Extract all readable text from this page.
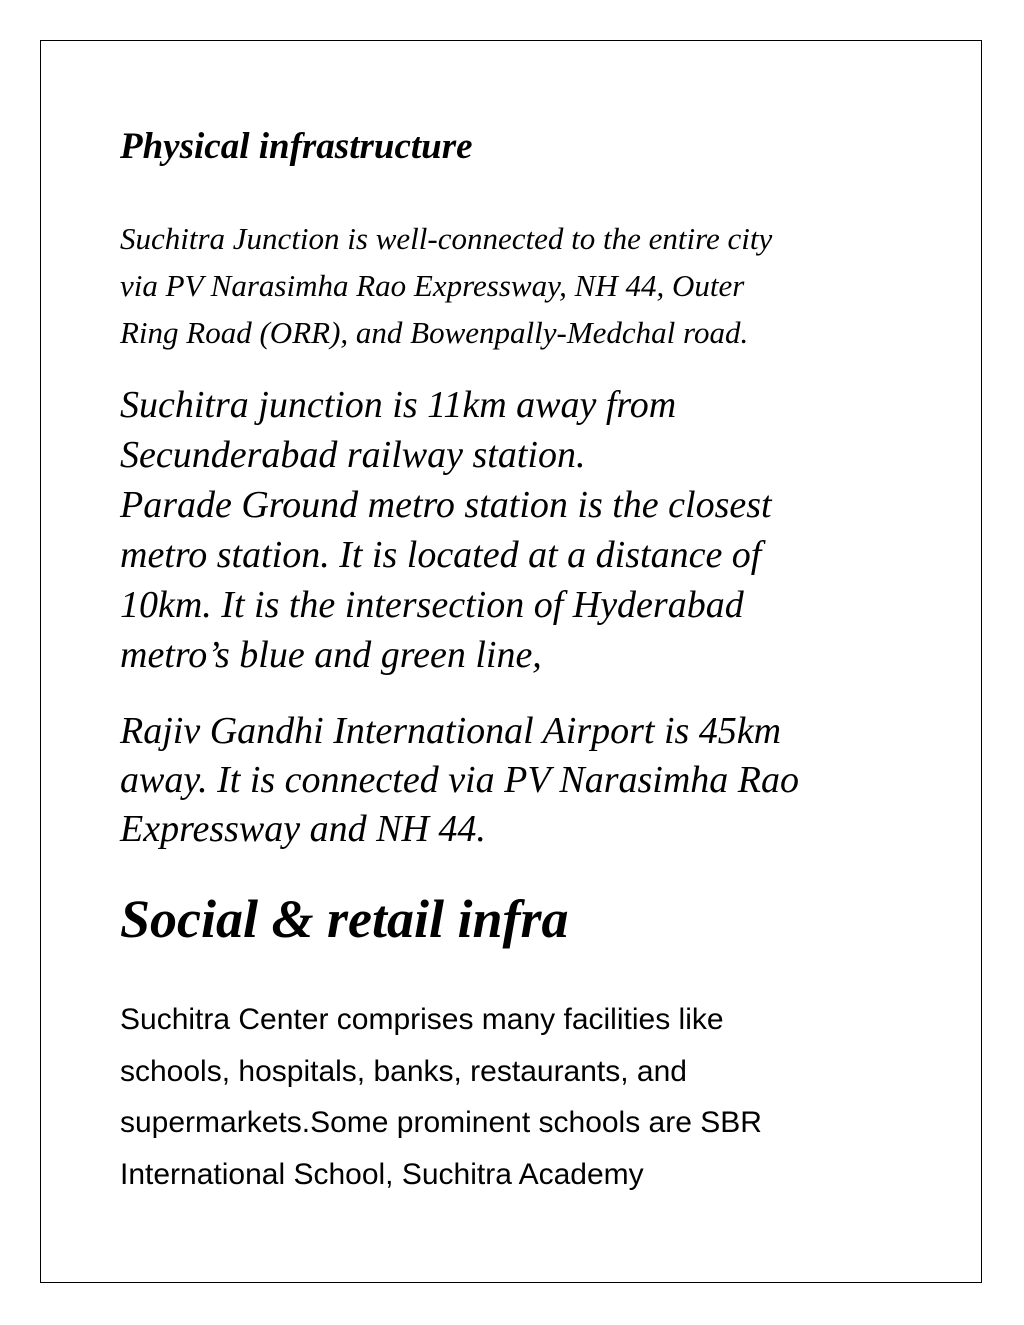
Physical infrastructure

Suchitra Junction is well-connected to the entire city
via PV Narasimha Rao Expressway, NH 44, Outer
Ring Road (ORR), and Bowenpally-Medchal road.

Suchitra junction is 11km away from
Secunderabad railway station.
Parade Ground metro station is the closest
metro station. It is located at a distance of
10km. It is the intersection of Hyderabad
metro’s blue and green line,

Rajiv Gandhi International Airport is 45km
away. It is connected via PV Narasimha Rao
Expressway and NH 44.

Social & retail infra

Suchitra Center comprises many facilities like
schools, hospitals, banks, restaurants, and
supermarkets.Some prominent schools are SBR
International School, Suchitra Academy
